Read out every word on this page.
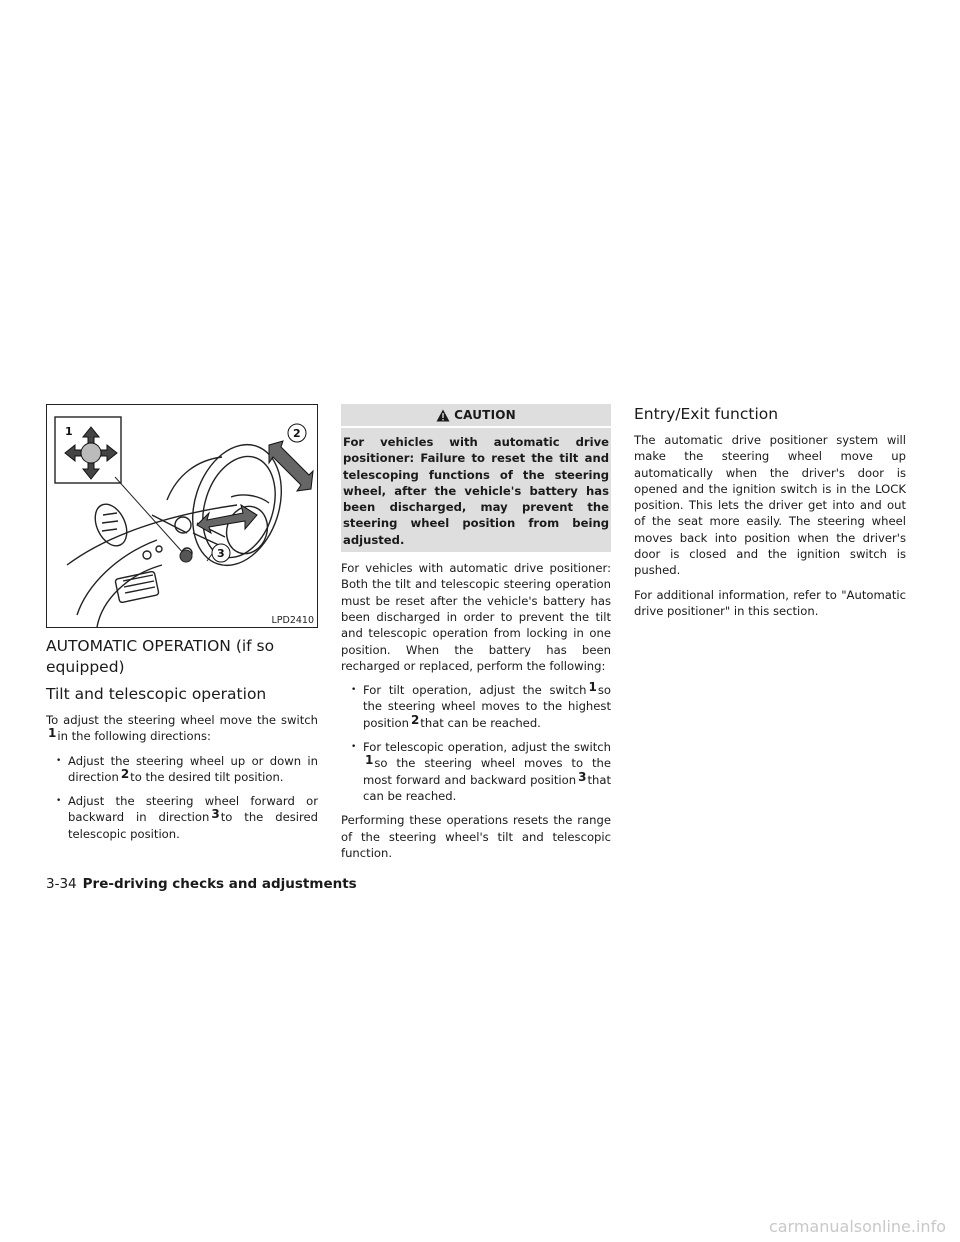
1	2
3
LPD2410
AUTOMATIC OPERATION (if so equipped)
Tilt and telescopic operation

To adjust the steering wheel move the switch1in the following directions:

• Adjust the steering wheel up or down in direction 2to the desired tilt position.
• Adjust the steering wheel forward or backward in direction 3to the desired telescopic position.
CAUTION
For vehicles with automatic drive positioner: Failure to reset the tilt and telescoping functions of the steering wheel, after the vehicle's battery has been discharged, may prevent the steering wheel position from being adjusted.

For vehicles with automatic drive positioner: Both the tilt and telescopic steering operation must be reset after the vehicle's battery has been discharged in order to prevent the tilt and telescopic operation from locking in one position. When the battery has been recharged or replaced, perform the following:

• For tilt operation, adjust the switch 1so the steering wheel moves to the highest position 2that can be reached.
• For telescopic operation, adjust the switch1so the steering wheel moves to the most forward and backward position 3that can be reached.

Performing these operations resets the range of the steering wheel's tilt and telescopic function.

Entry/Exit function

The automatic drive positioner system will make the steering wheel move up automatically when the driver's door is opened and the ignition switch is in the LOCK position. This lets the driver get into and out of the seat more easily. The steering wheel moves back into position when the driver's door is closed and the ignition switch is pushed.

For additional information, refer to "Automatic drive positioner" in this section.

3-34 Pre-driving checks and adjustments
carmanualsonline.info
